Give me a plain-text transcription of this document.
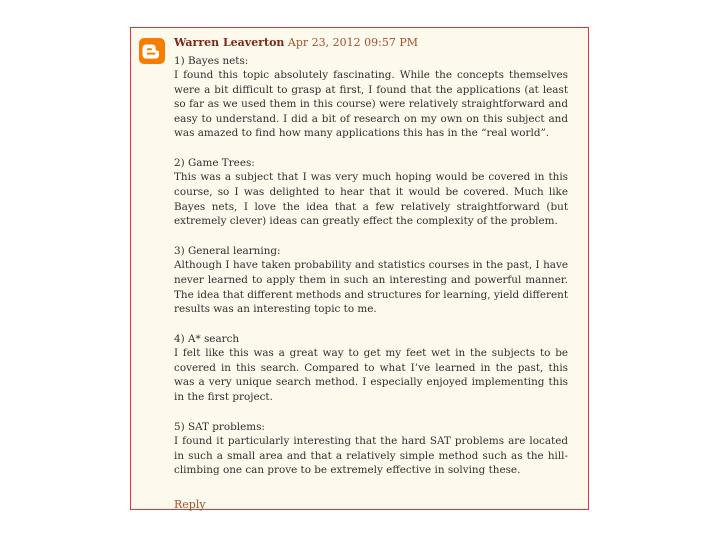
Warren Leaverton Apr 23, 2012 09:57 PM
1) Bayes nets:
I found this topic absolutely fascinating. While the concepts themselves were a bit difficult to grasp at first, I found that the applications (at least so far as we used them in this course) were relatively straightforward and easy to understand. I did a bit of research on my own on this subject and was amazed to find how many applications this has in the “real world”.
2) Game Trees:
This was a subject that I was very much hoping would be covered in this course, so I was delighted to hear that it would be covered. Much like Bayes nets, I love the idea that a few relatively straightforward (but extremely clever) ideas can greatly effect the complexity of the problem.
3) General learning:
Although I have taken probability and statistics courses in the past, I have never learned to apply them in such an interesting and powerful manner. The idea that different methods and structures for learning, yield different results was an interesting topic to me.
4) A* search
I felt like this was a great way to get my feet wet in the subjects to be covered in this search. Compared to what I’ve learned in the past, this was a very unique search method. I especially enjoyed implementing this in the first project.
5) SAT problems:
I found it particularly interesting that the hard SAT problems are located in such a small area and that a relatively simple method such as the hill-climbing one can prove to be extremely effective in solving these.
Reply
